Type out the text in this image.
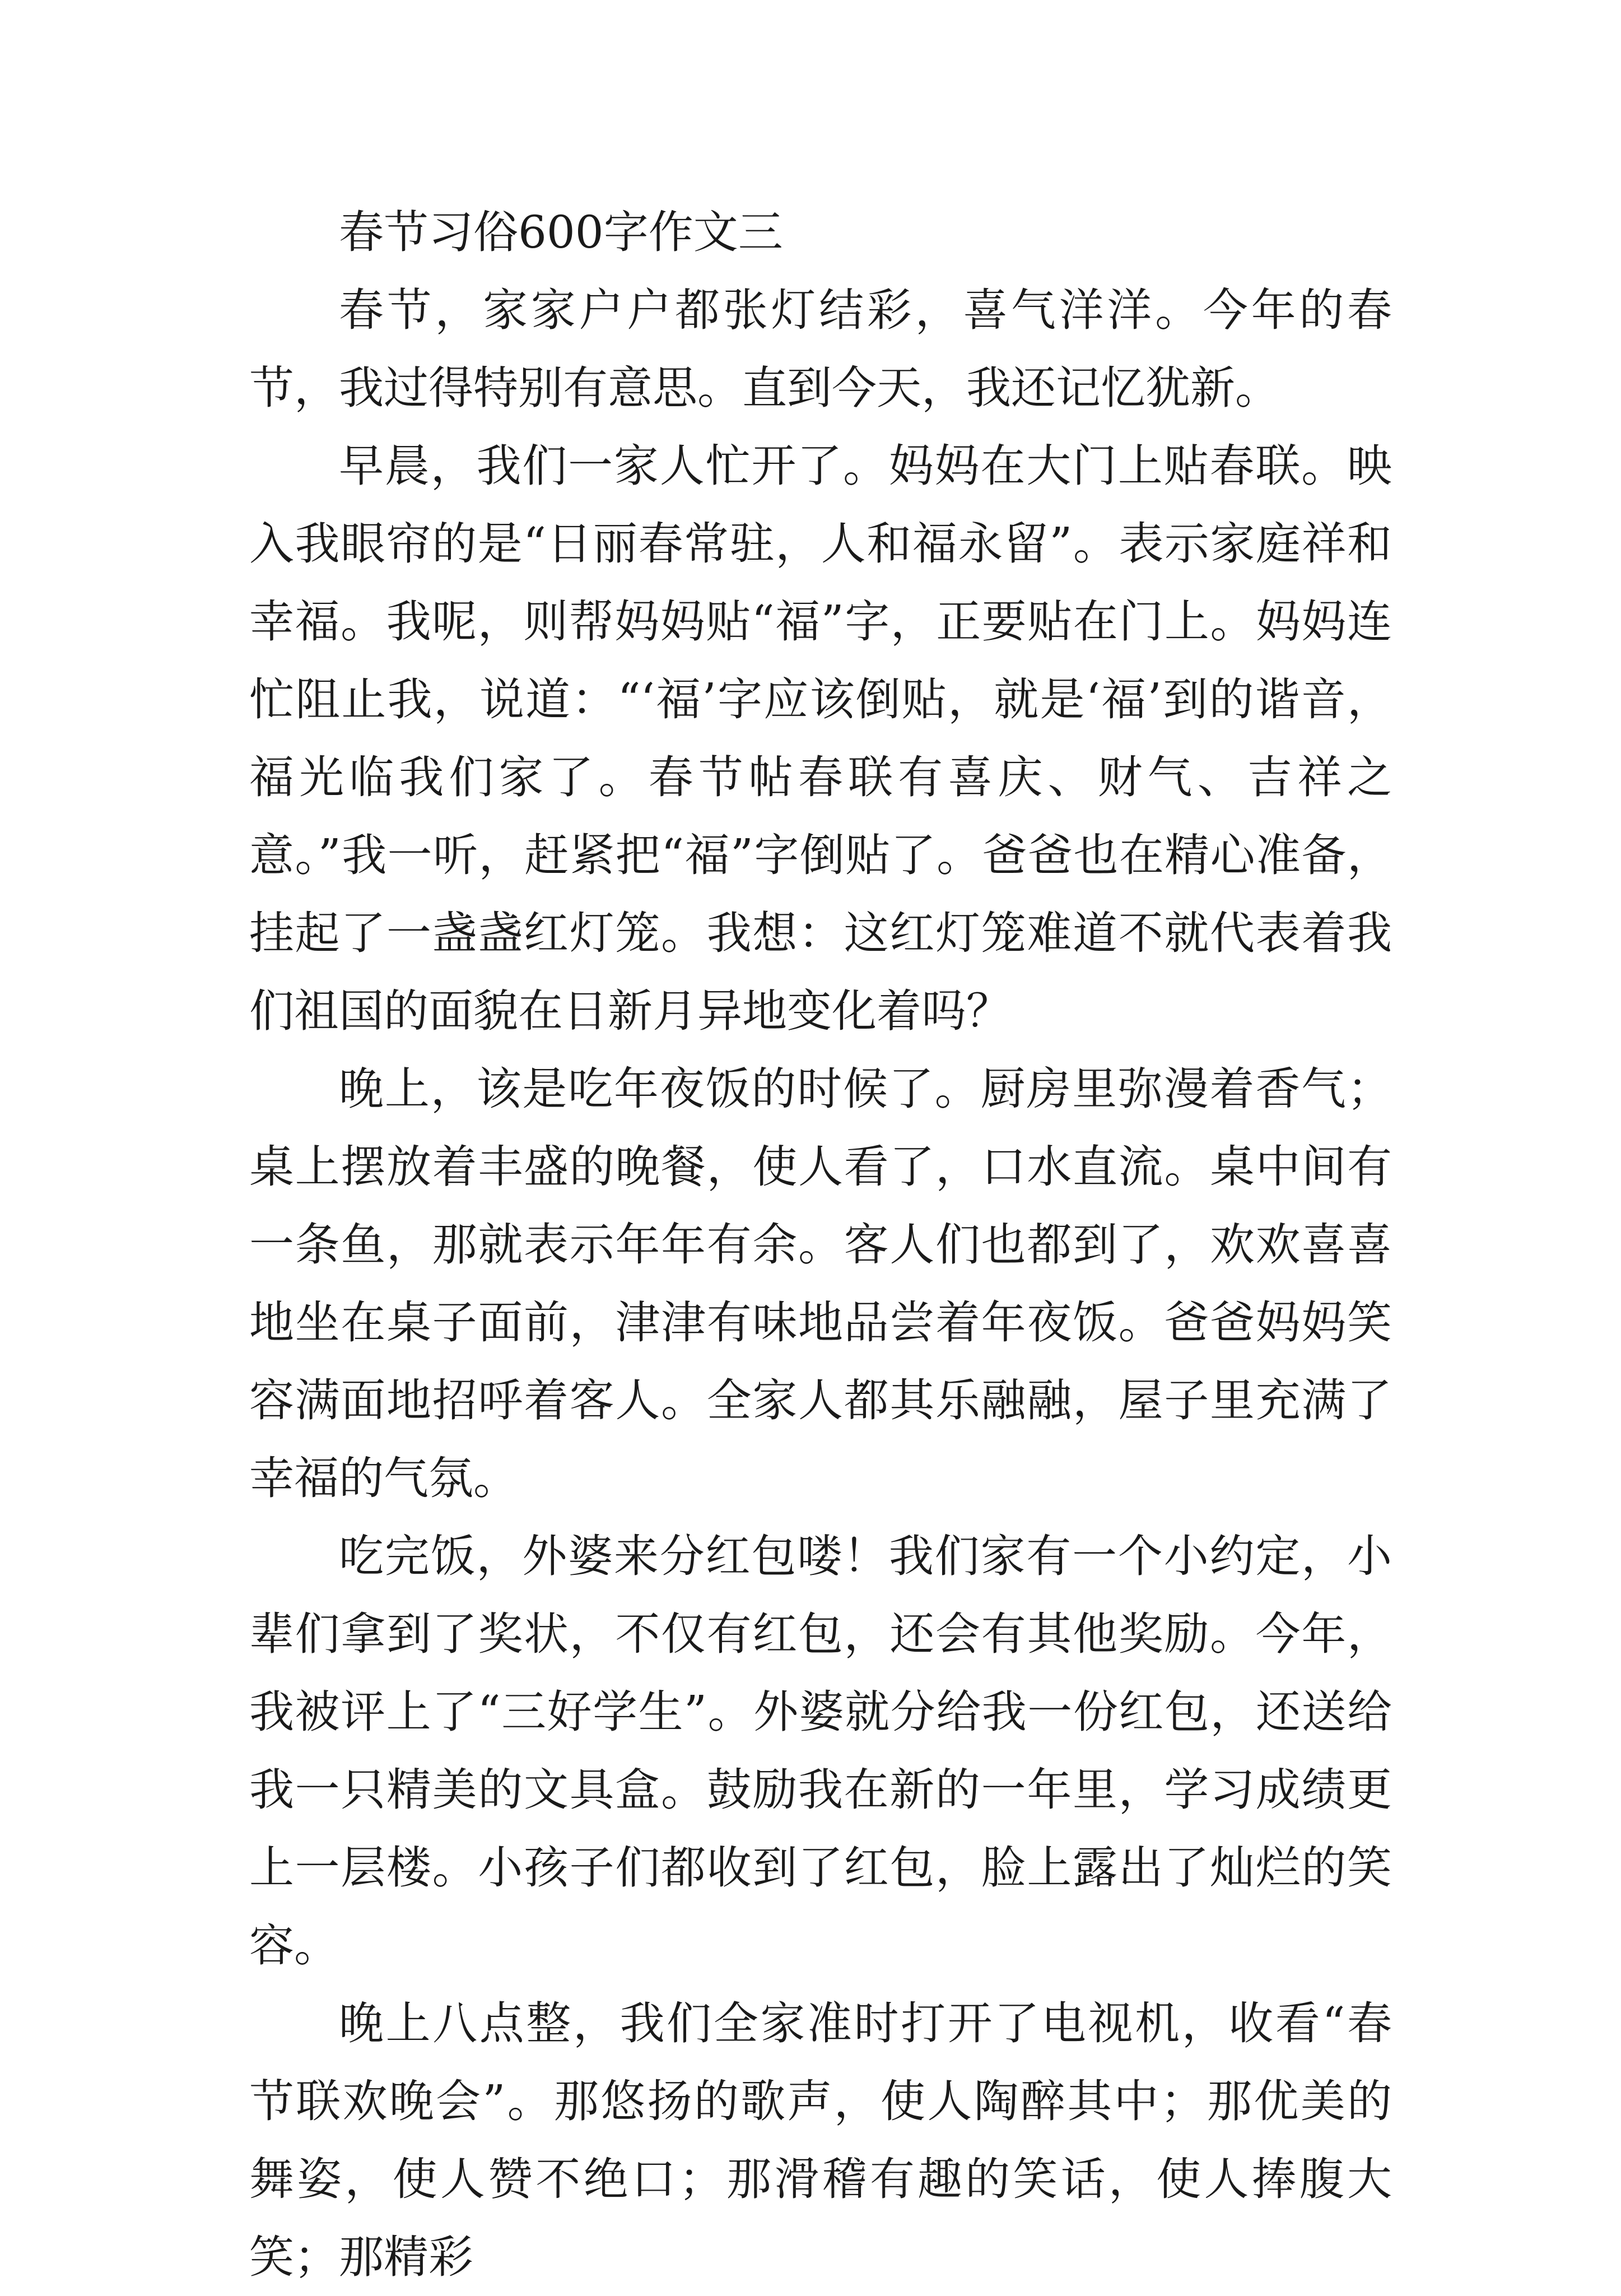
春节习俗600字作文三

春节，家家户户都张灯结彩，喜气洋洋。今年的春节，我过得特别有意思。直到今天，我还记忆犹新。

早晨，我们一家人忙开了。妈妈在大门上贴春联。映入我眼帘的是“日丽春常驻，人和福永留”。表示家庭祥和幸福。我呢，则帮妈妈贴“福”字，正要贴在门上。妈妈连忙阻止我，说道：“‘福’字应该倒贴，就是‘福’到的谐音，福光临我们家了。春节帖春联有喜庆、财气、吉祥之意。”我一听，赶紧把“福”字倒贴了。爸爸也在精心准备，挂起了一盏盏红灯笼。我想：这红灯笼难道不就代表着我们祖国的面貌在日新月异地变化着吗？

晚上，该是吃年夜饭的时候了。厨房里弥漫着香气；桌上摆放着丰盛的晚餐，使人看了，口水直流。桌中间有一条鱼，那就表示年年有余。客人们也都到了，欢欢喜喜地坐在桌子面前，津津有味地品尝着年夜饭。爸爸妈妈笑容满面地招呼着客人。全家人都其乐融融，屋子里充满了幸福的气氛。

吃完饭，外婆来分红包喽！我们家有一个小约定，小辈们拿到了奖状，不仅有红包，还会有其他奖励。今年，我被评上了“三好学生”。外婆就分给我一份红包，还送给我一只精美的文具盒。鼓励我在新的一年里，学习成绩更上一层楼。小孩子们都收到了红包，脸上露出了灿烂的笑容。

晚上八点整，我们全家准时打开了电视机，收看“春节联欢晚会”。那悠扬的歌声，使人陶醉其中；那优美的舞姿，使人赞不绝口；那滑稽有趣的笑话，使人捧腹大笑；那精彩
